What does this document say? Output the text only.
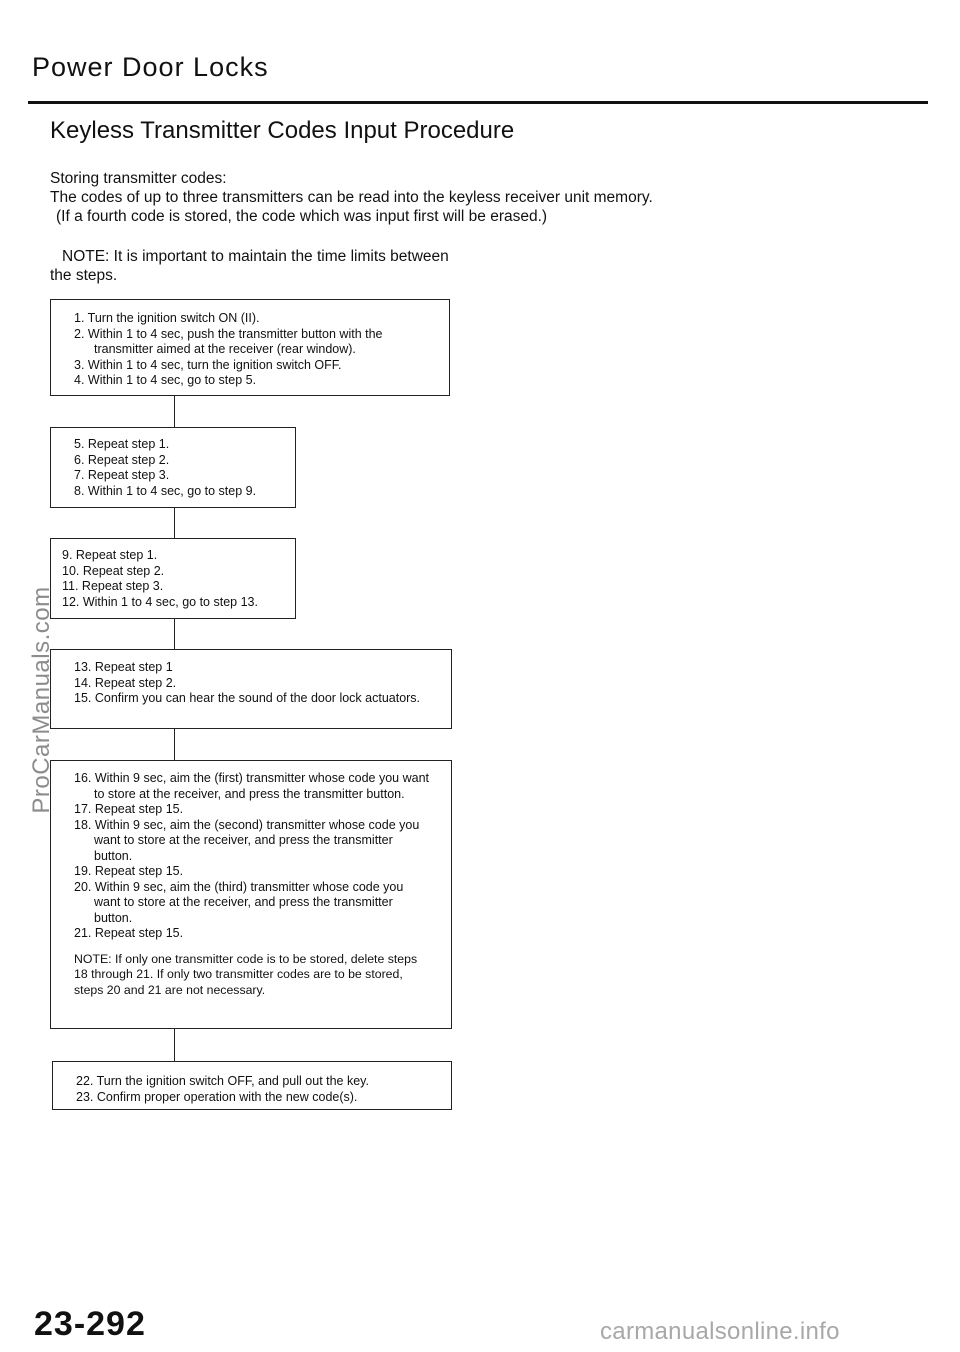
Power Door Locks
Keyless Transmitter Codes Input Procedure
Storing transmitter codes:
The codes of up to three transmitters can be read into the keyless receiver unit memory.
(If a fourth code is stored, the code which was input first will be erased.)
NOTE: It is important to maintain the time limits between
the steps.

1. Turn the ignition switch ON (II).

2. Within 1 to 4 sec, push the transmitter button with the transmitter aimed at the receiver (rear window).

3. Within 1 to 4 sec, turn the ignition switch OFF.

4. Within 1 to 4 sec, go to step 5.

5. Repeat step 1.

6. Repeat step 2.

7. Repeat step 3.

8. Within 1 to 4 sec, go to step 9.

9. Repeat step 1.

10. Repeat step 2.

11. Repeat step 3.

12. Within 1 to 4 sec, go to step 13.

13. Repeat step 1

14. Repeat step 2.

15. Confirm you can hear the sound of the door lock actuators.

16. Within 9 sec, aim the (first) transmitter whose code you want to store at the receiver, and press the transmitter button.

17. Repeat step 15.

18. Within 9 sec, aim the (second) transmitter whose code you want to store at the receiver, and press the transmitter button.

19. Repeat step 15.

20. Within 9 sec, aim the (third) transmitter whose code you want to store at the receiver, and press the transmitter button.

21. Repeat step 15.

NOTE: If only one transmitter code is to be stored, delete steps 18 through 21. If only two transmitter codes are to be stored, steps 20 and 21 are not necessary.

22. Turn the ignition switch OFF, and pull out the key.

23. Confirm proper operation with the new code(s).

23-292
ProCarManuals.com
carmanualsonline.info
